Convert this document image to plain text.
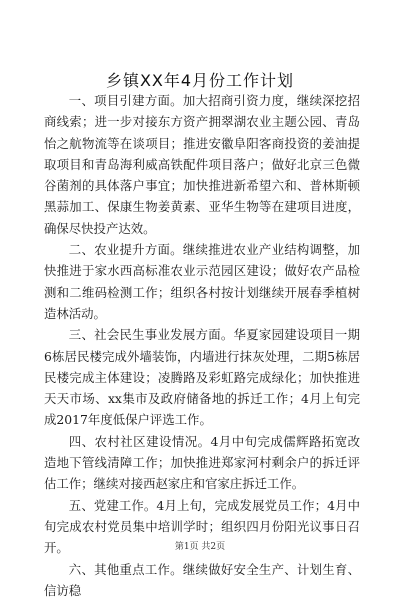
乡镇XX年4月份工作计划

一、项目引建方面。加大招商引资力度，继续深挖招商线索；进一步对接东方资产拥翠湖农业主题公园、青岛怡之航物流等在谈项目；推进安徽阜阳客商投资的姜油提取项目和青岛海利威高铁配件项目落户；做好北京三色微谷菌剂的具体落户事宜；加快推进新希望六和、普林斯顿黑蒜加工、保康生物姜黄素、亚华生物等在建项目进度，确保尽快投产达效。

二、农业提升方面。继续推进农业产业结构调整，加快推进于家水西高标准农业示范园区建设；做好农产品检测和二维码检测工作；组织各村按计划继续开展春季植树造林活动。

三、社会民生事业发展方面。华夏家园建设项目一期6栋居民楼完成外墙装饰，内墙进行抹灰处理，二期5栋居民楼完成主体建设；凌腾路及彩虹路完成绿化；加快推进天天市场、xx集市及政府储备地的拆迁工作；4月上旬完成2017年度低保户评选工作。

四、农村社区建设情况。4月中旬完成儒辉路拓宽改造地下管线清障工作；加快推进郑家河村剩余户的拆迁评估工作；继续对接西赵家庄和官家庄拆迁工作。

五、党建工作。4月上旬，完成发展党员工作；4月中旬完成农村党员集中培训学时；组织四月份阳光议事日召开。

六、其他重点工作。继续做好安全生产、计划生育、信访稳

第1页 共2页
